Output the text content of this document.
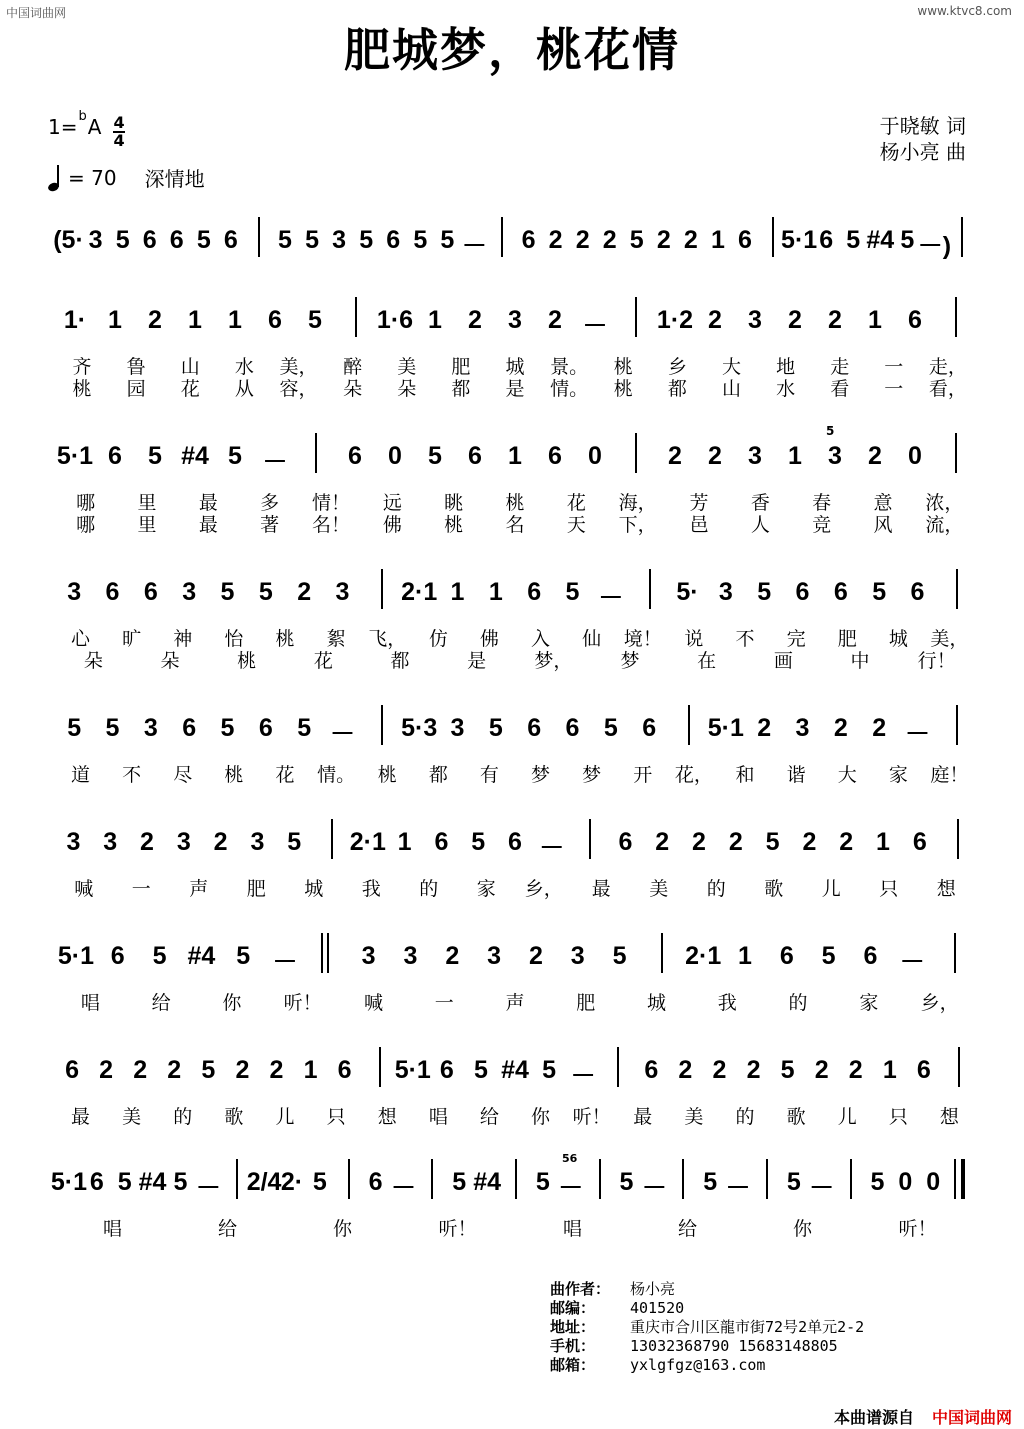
中国词曲网	www.ktvc8.com
肥城梦，桃花情
1= b A 4
4
= 70 深情地
于晓敏 词
杨小亮 曲
(5· 3 5 6 6 5 6 5 5 3 5 6 5 5 － 6 2 2 2 5 2 2 1 6 5·1 6 5 #4 5 －)
1· 1 2 1 1 6 5 1·6 1 2 3 2 － 1·2 2 3 2 2 1 6
齐 鲁 山 水 美， 醉 美 肥 城 景。 桃 乡 大 地 走 一 走，
桃 园 花 从 容， 朵 朵 都 是 情。 桃 都 山 水 看 一 看，
5·1 6 5 #4 5 － 6 0 5 6 1 6 0	2 2 3 1 3 2 0
哪 里 最 多 情！ 远 眺 桃 花 海， 芳 香 春 意 浓，
哪 里 最 著 名！ 佛 桃 名 天 下， 邑 人 竞 风 流，
3 6 6 3 5 5 2 3 2·1 1 1 6 5 － 5· 3 5 6 6 5 6
心 旷 神 怡 桃 絮 飞， 仿 佛 入 仙 境！ 说 不 完 肥 城 美，
朵	朵	桃	花	都	是	梦，	梦	在	画	中	行！
5 5 3 6 5 6 5 － 5·3 3 5 6 6 5 6 5·1 2 3 2 2 －
道 不 尽 桃 花 情。 桃 都 有 梦 梦 开 花， 和 谐 大 家 庭！
3 3 2 3 2 3 5 2·1 1 6 5 6 － 6 2 2 2 5 2 2 1 6
喊 一 声 肥 城 我 的 家 乡， 最 美 的 歌 儿 只 想
5·1 6 5 #4 5 －	3 3 2 3 2 3 5 2·1 1 6 5 6 －
唱	给	你 听！ 喊	一	声	肥	城	我	的	家 乡，
6 2 2 2 5 2 2 1 6 5·1 6 5 #4 5 － 6 2 2 2 5 2 2 1 6
最 美 的 歌 儿 只 想 唱 给 你 听！ 最 美 的 歌 儿 只 想
5·1 6 5 #4 5 － 2/4 2· 5 6 － 5 #4 5 － 5 － 5 － 5 － 5 0 0
唱	给	你	听！	唱	给	你	听！
5
56
曲作者： 杨小亮
邮编： 401520
地址： 重庆市合川区龍市街72号2单元2-2
手机： 13032368790 15683148805
邮箱： yxlgfgz@163.com
本曲谱源自 中国词曲网
